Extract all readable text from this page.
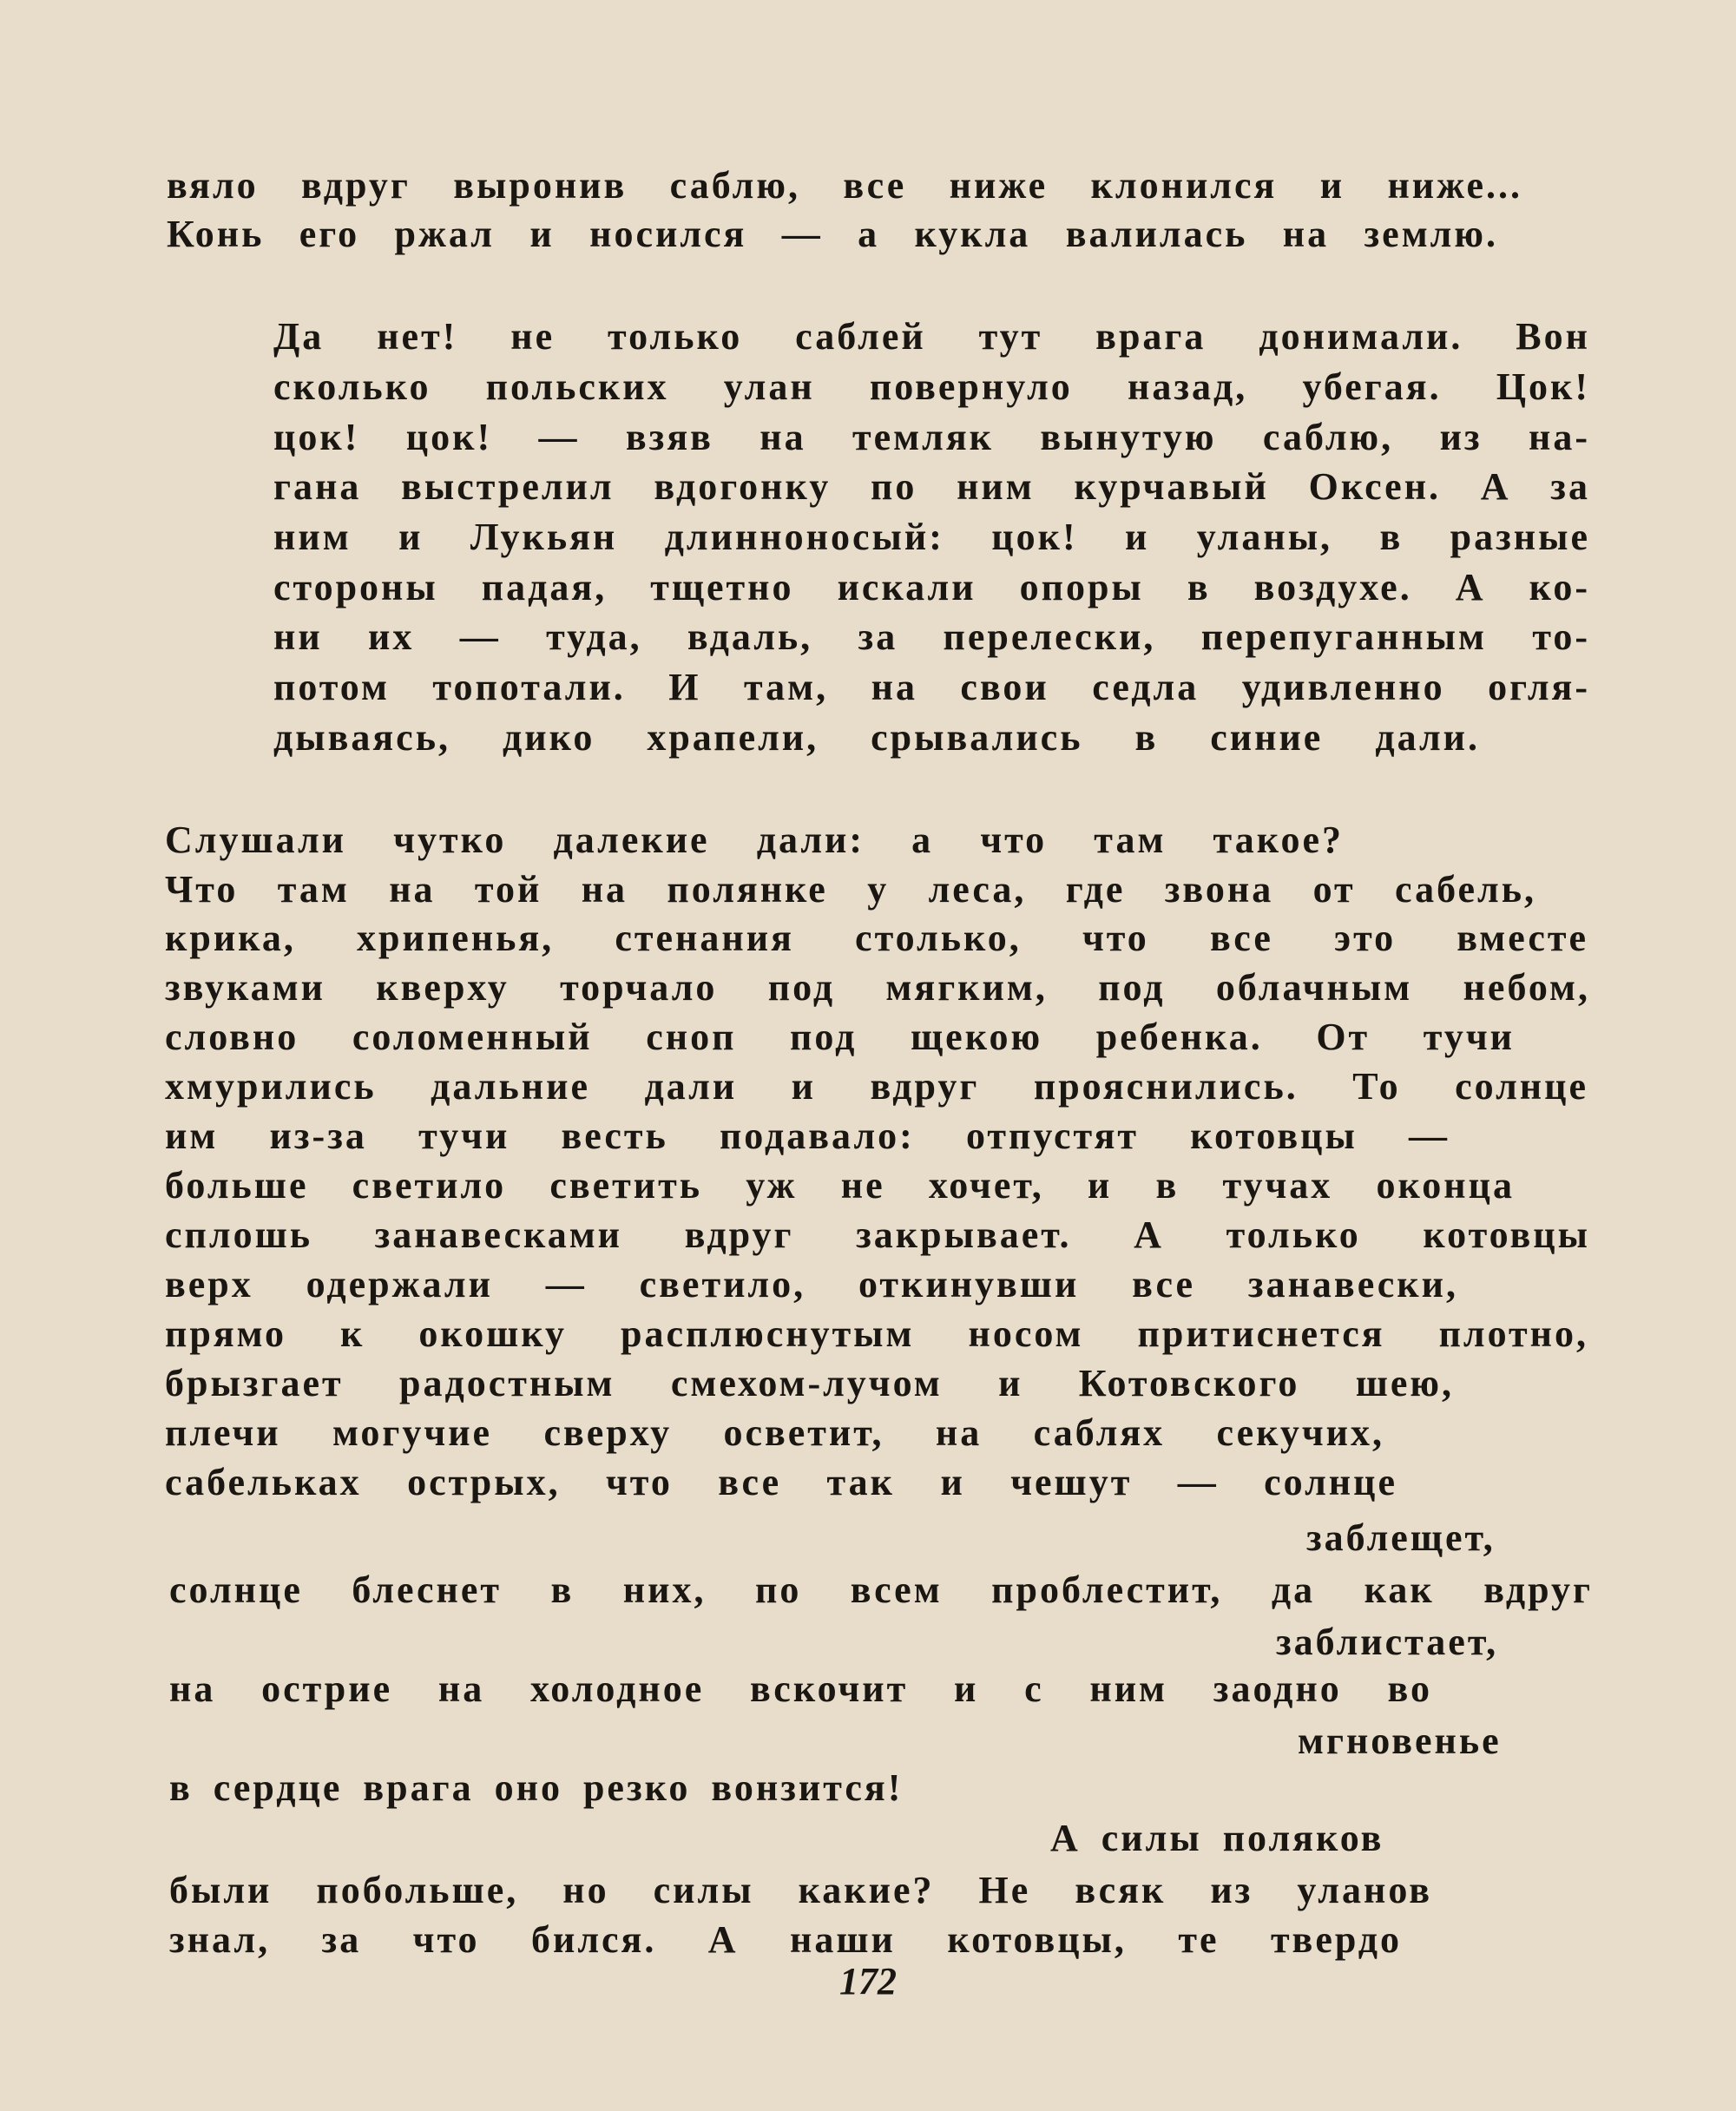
вяло вдруг выронив саблю, все ниже клонился и ниже...
Конь его ржал и носился — а кукла валилась на землю.
Да нет! не только саблей тут врага донимали. Вон
сколько польских улан повернуло назад, убегая. Цок!
цок! цок! — взяв на темляк вынутую саблю, из на-
гана выстрелил вдогонку по ним курчавый Оксен. А за
ним и Лукьян длинноносый: цок! и уланы, в разные
стороны падая, тщетно искали опоры в воздухе. А ко-
ни их — туда, вдаль, за перелески, перепуганным то-
потом топотали. И там, на свои седла удивленно огля-
дываясь, дико храпели, срывались в синие дали.
Слушали чутко далекие дали: а что там такое?
Что там на той на полянке у леса, где звона от сабель,
крика, хрипенья, стенания столько, что все это вместе
звуками кверху торчало под мягким, под облачным небом,
словно соломенный сноп под щекою ребенка. От тучи
хмурились дальние дали и вдруг прояснились. То солнце
им из-за тучи весть подавало: отпустят котовцы —
больше светило светить уж не хочет, и в тучах оконца
сплошь занавесками вдруг закрывает. А только котовцы
верх одержали — светило, откинувши все занавески,
прямо к окошку расплюснутым носом притиснется плотно,
брызгает радостным смехом-лучом и Котовского шею,
плечи могучие сверху осветит, на саблях секучих,
сабельках острых, что все так и чешут — солнце
заблещет,
солнце блеснет в них, по всем проблестит, да как вдруг
заблистает,
на острие на холодное вскочит и с ним заодно во
мгновенье
в сердце врага оно резко вонзится!
А силы поляков
были побольше, но силы какие? Не всяк из уланов
знал, за что бился. А наши котовцы, те твердо
172
